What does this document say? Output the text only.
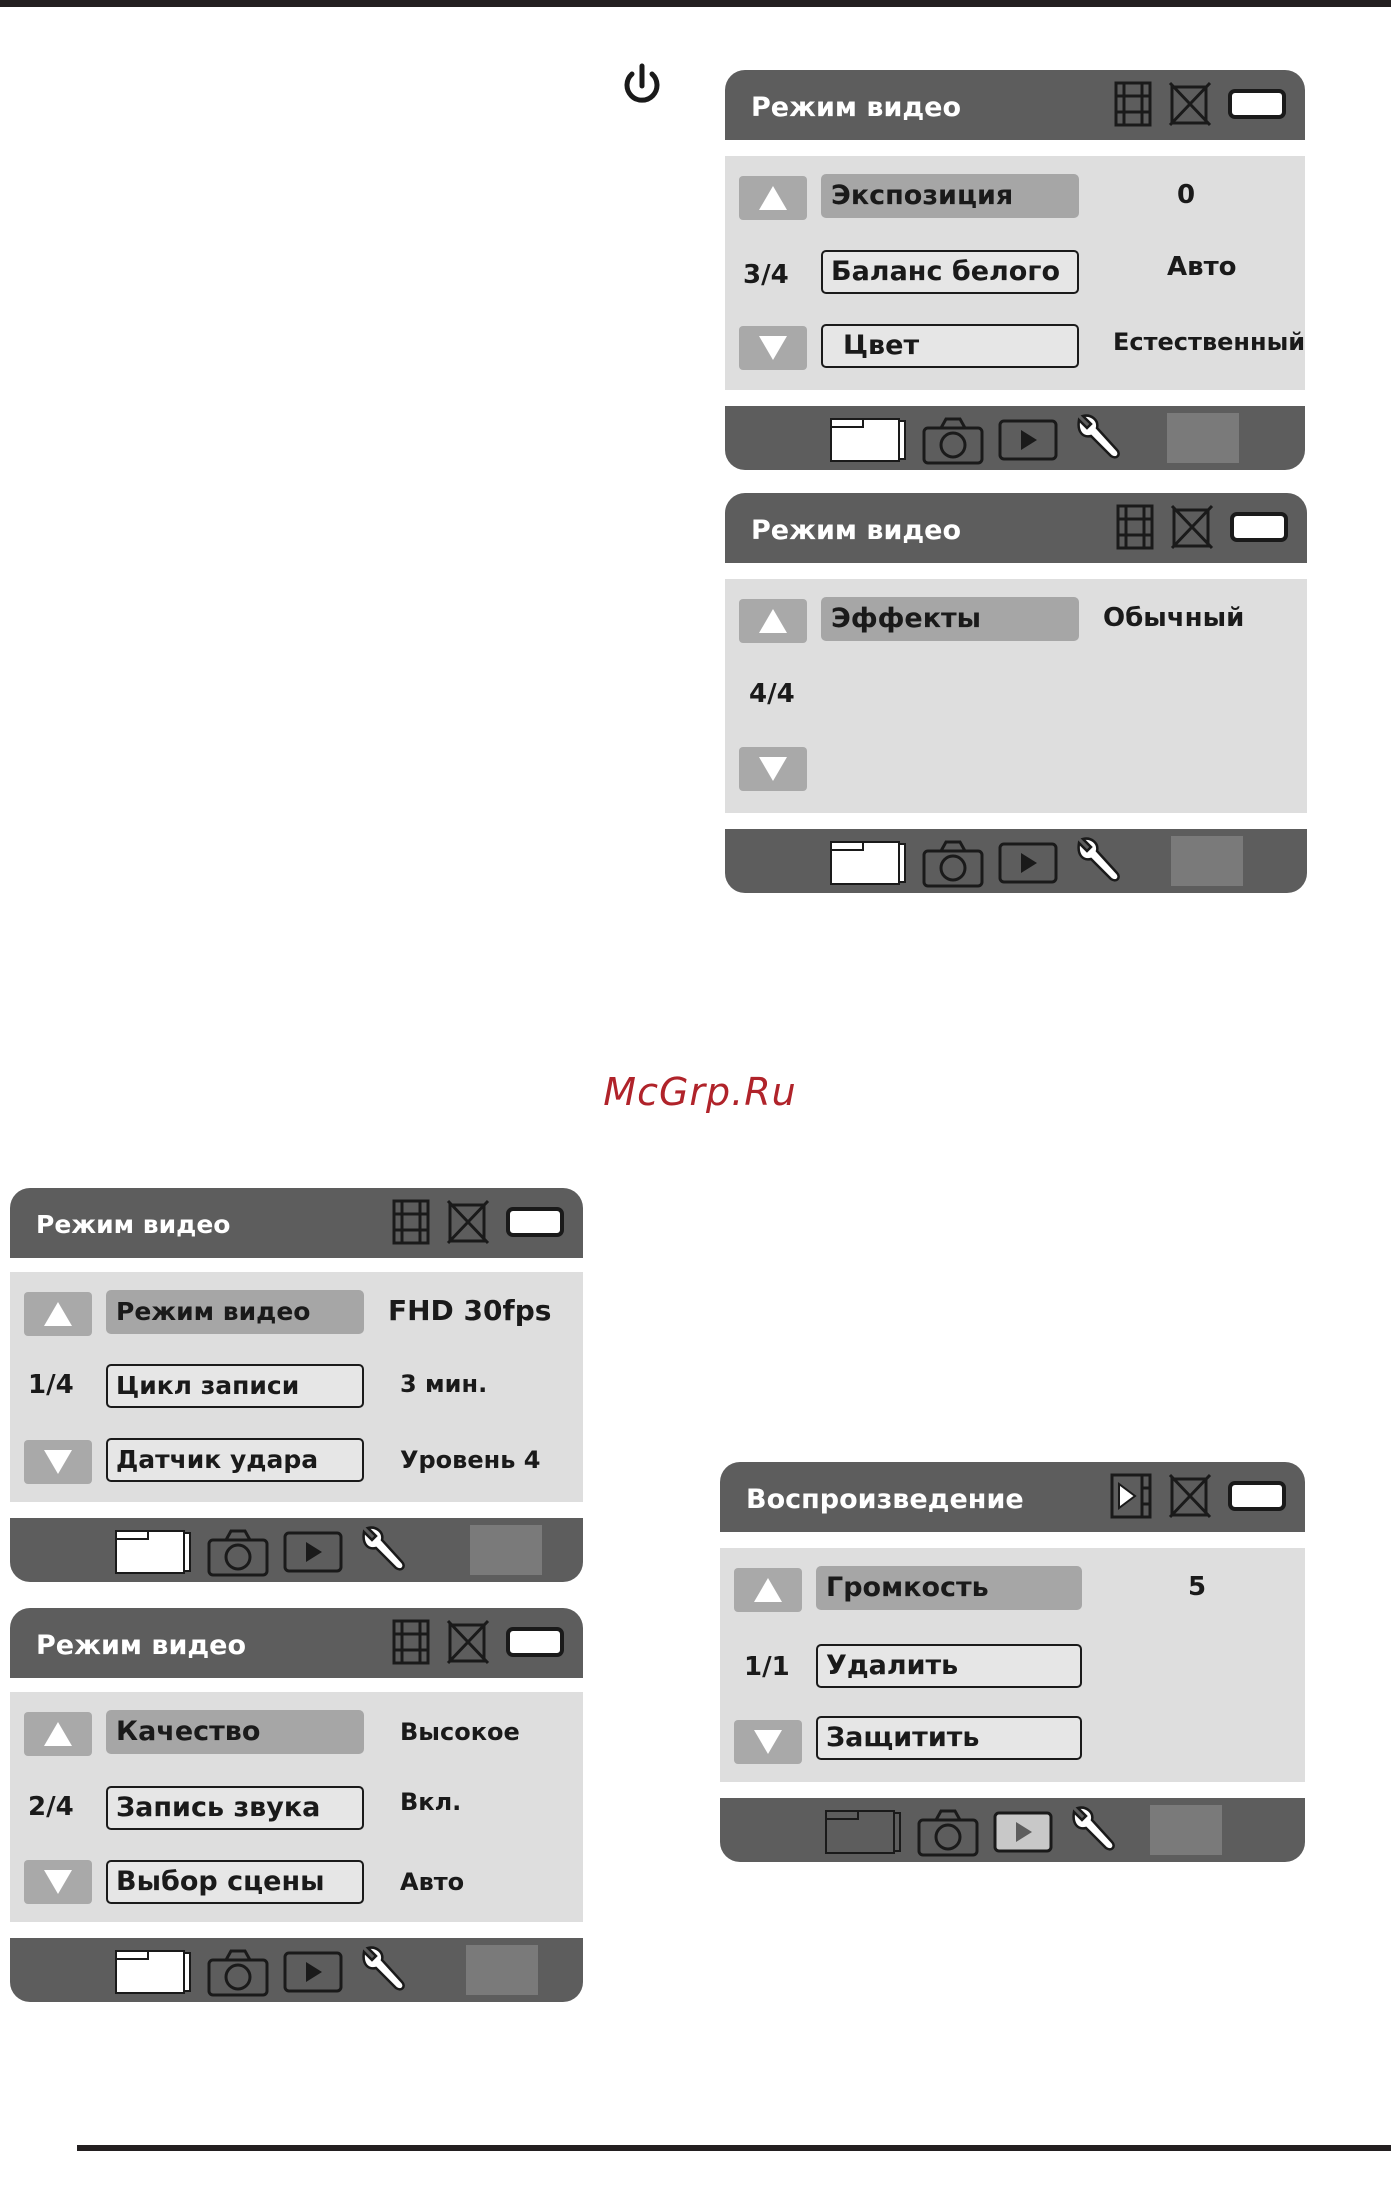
McGrp.Ru
Режим видео
3/4
Экспозиция	0
Баланс белого	Авто
Цвет	Естественный
Режим видео
4/4
Эффекты	Обычный
Режим видео
1/4
Режим видео	FHD 30fps
Цикл записи	3 мин.
Датчик удара	Уровень 4
Режим видео
2/4
Качество	Высокое
Запись звука	Вкл.
Выбор сцены	Авто
Воспроизведение
1/1
Громкость	5
Удалить
Защитить
